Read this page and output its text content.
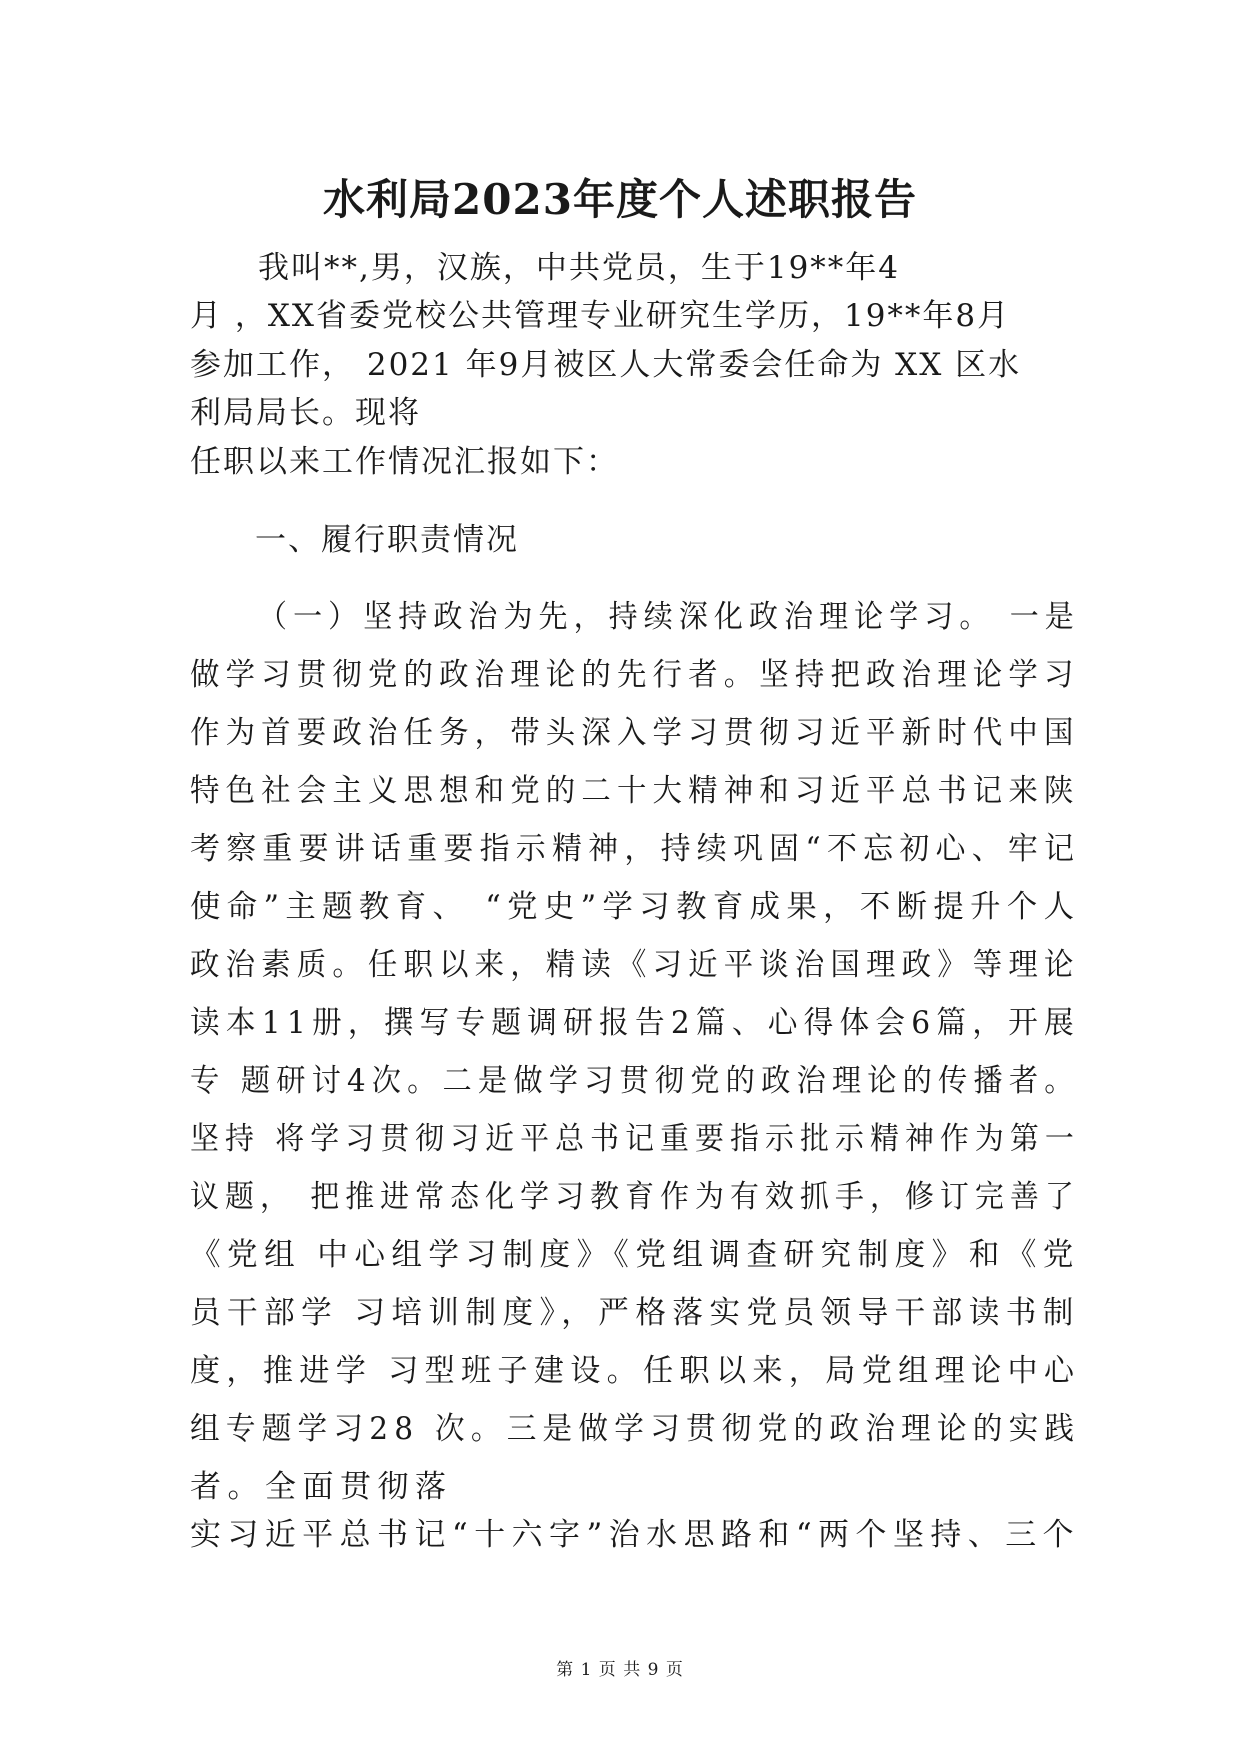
水利局2023年度个人述职报告
我叫**,男，汉族，中共党员，生于19**年4
月 ，XX省委党校公共管理专业研究生学历，19**年8月
参加工作， 2021 年9月被区人大常委会任命为 XX 区水
利局局长。现将
任职以来工作情况汇报如下：
一、履行职责情况
（一）坚持政治为先，持续深化政治理论学习。 一是
做学习贯彻党的政治理论的先行者。坚持把政治理论学习
作为首要政治任务，带头深入学习贯彻习近平新时代中国
特色社会主义思想和党的二十大精神和习近平总书记来陕
考察重要讲话重要指示精神，持续巩固“不忘初心、牢记
使命”主题教育、 “党史”学习教育成果，不断提升个人
政治素质。任职以来，精读《习近平谈治国理政》等理论
读本11册，撰写专题调研报告2篇、心得体会6篇，开展
专 题研讨4次。二是做学习贯彻党的政治理论的传播者。
坚持 将学习贯彻习近平总书记重要指示批示精神作为第一
议题， 把推进常态化学习教育作为有效抓手，修订完善了
《党组 中心组学习制度》《党组调查研究制度》和《党
员干部学 习培训制度》，严格落实党员领导干部读书制
度，推进学 习型班子建设。任职以来，局党组理论中心
组专题学习28 次。三是做学习贯彻党的政治理论的实践
者。全面贯彻落
实习近平总书记“十六字”治水思路和“两个坚持、三个
第 1 页 共 9 页
